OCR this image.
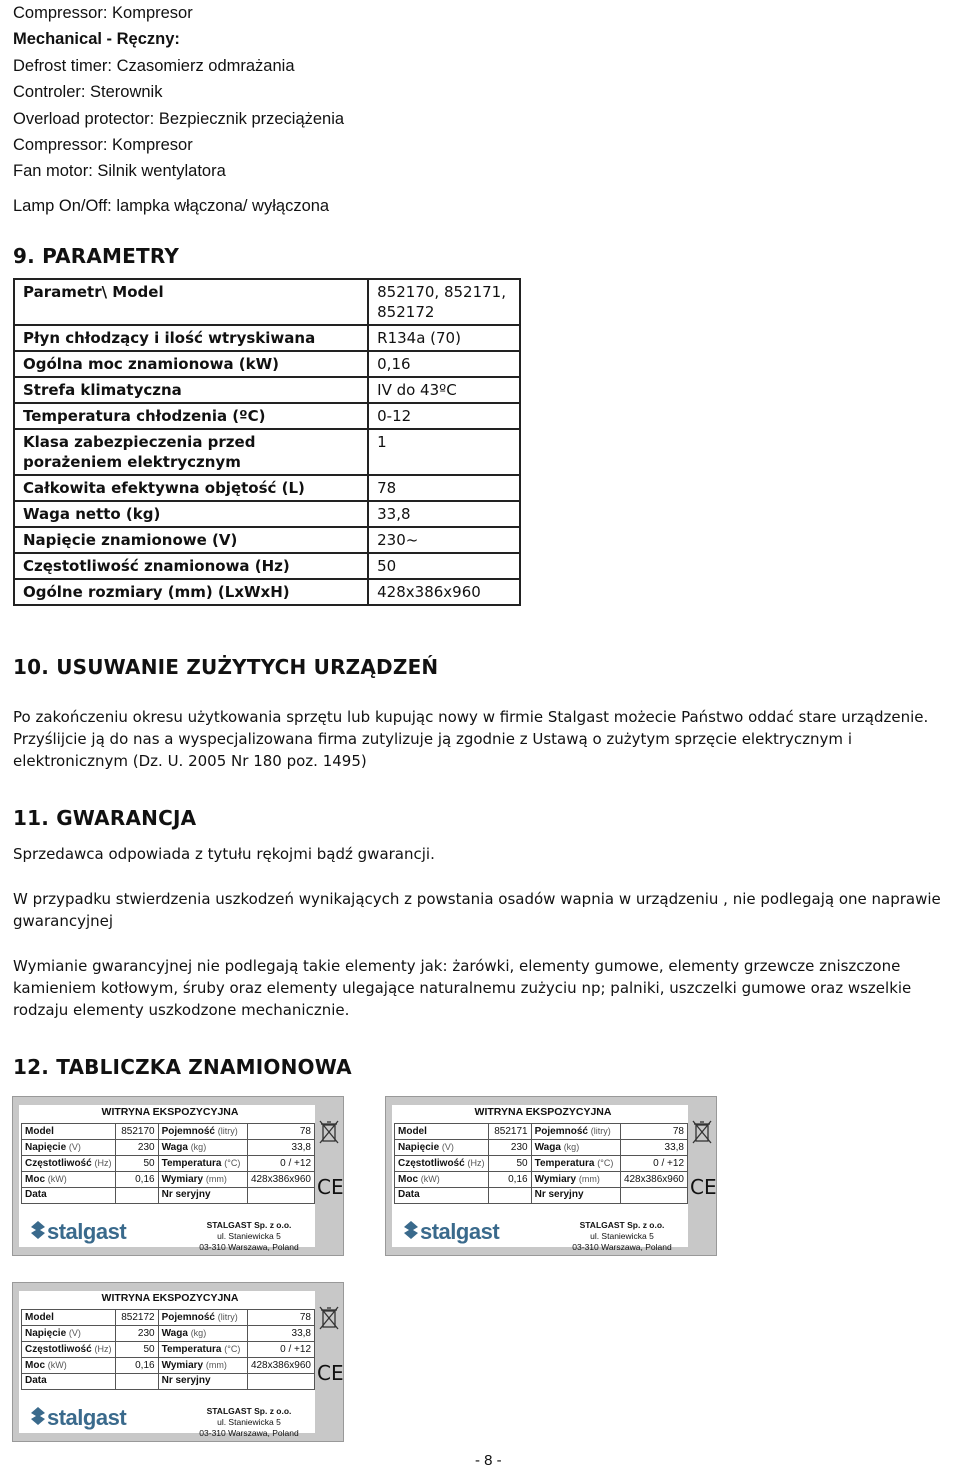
Compressor: Kompresor
Mechanical - Ręczny:
Defrost timer: Czasomierz odmrażania
Controler: Sterownik
Overload protector: Bezpiecznik przeciążenia
Compressor: Kompresor
Fan motor: Silnik wentylatora
Lamp On/Off: lampka włączona/ wyłączona
9. PARAMETRY
Parametr\ Model	852170, 852171, 852172
Płyn chłodzący i ilość wtryskiwana	R134a (70)
Ogólna moc znamionowa (kW)	0,16
Strefa klimatyczna	IV do 43ºC
Temperatura chłodzenia (ºC)	0-12
Klasa zabezpieczenia przed porażeniem elektrycznym	1
Całkowita efektywna objętość (L)	78
Waga netto (kg)	33,8
Napięcie znamionowe (V)	230~
Częstotliwość znamionowa (Hz)	50
Ogólne rozmiary (mm) (LxWxH)	428x386x960
10. USUWANIE ZUŻYTYCH URZĄDZEŃ
Po zakończeniu okresu użytkowania sprzętu lub kupując nowy w firmie Stalgast możecie Państwo oddać stare urządzenie. Przyślijcie ją do nas a wyspecjalizowana firma zutylizuje ją zgodnie z Ustawą o zużytym sprzęcie elektrycznym i elektronicznym (Dz. U. 2005 Nr 180 poz. 1495)
11. GWARANCJA
Sprzedawca odpowiada z tytułu rękojmi bądź gwarancji.
W przypadku stwierdzenia uszkodzeń wynikających z powstania osadów wapnia w urządzeniu , nie podlegają one naprawie gwarancyjnej
Wymianie gwarancyjnej nie podlegają takie elementy jak: żarówki, elementy gumowe, elementy grzewcze zniszczone kamieniem kotłowym, śruby oraz elementy ulegające naturalnemu zużyciu np; palniki, uszczelki gumowe oraz wszelkie rodzaju elementy uszkodzone mechanicznie.
12. TABLICZKA ZNAMIONOWA
WITRYNA EKSPOZYCYJNA
Model	852170	Pojemność (litry)	78
Napięcie (V)	230	Waga (kg)	33,8
Częstotliwość (Hz)	50	Temperatura (°C)	0 / +12
Moc (kW)	0,16	Wymiary (mm)	428x386x960
Data		Nr seryjny	
stalgast	STALGAST Sp. z o.o.
ul. Staniewicka 5
03-310 Warszawa, Poland
CE
WITRYNA EKSPOZYCYJNA
Model	852171	Pojemność (litry)	78
Napięcie (V)	230	Waga (kg)	33,8
Częstotliwość (Hz)	50	Temperatura (°C)	0 / +12
Moc (kW)	0,16	Wymiary (mm)	428x386x960
Data		Nr seryjny	
stalgast	STALGAST Sp. z o.o.
ul. Staniewicka 5
03-310 Warszawa, Poland
CE
WITRYNA EKSPOZYCYJNA
Model	852172	Pojemność (litry)	78
Napięcie (V)	230	Waga (kg)	33,8
Częstotliwość (Hz)	50	Temperatura (°C)	0 / +12
Moc (kW)	0,16	Wymiary (mm)	428x386x960
Data		Nr seryjny	
stalgast	STALGAST Sp. z o.o.
ul. Staniewicka 5
03-310 Warszawa, Poland
CE
- 8 -
